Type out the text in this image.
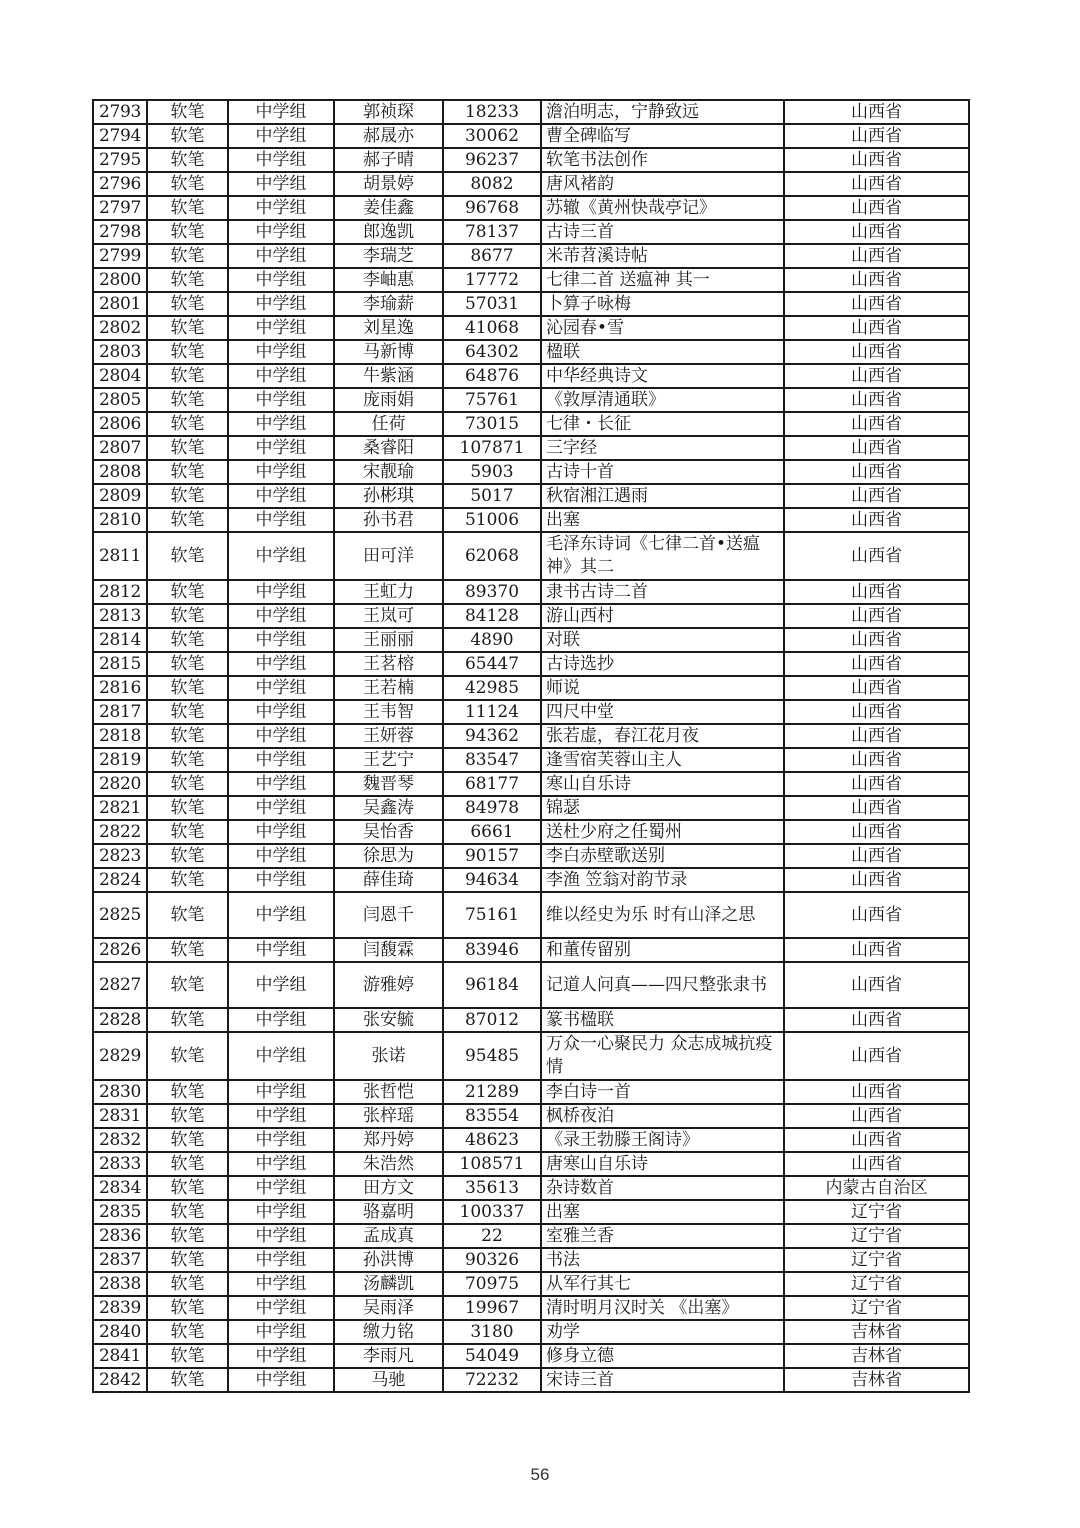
2793	软笔	中学组	郭祯琛	18233	澹泊明志，宁静致远	山西省
2794	软笔	中学组	郝晟亦	30062	曹全碑临写	山西省
2795	软笔	中学组	郝子晴	96237	软笔书法创作	山西省
2796	软笔	中学组	胡景婷	8082	唐风褚韵	山西省
2797	软笔	中学组	姜佳鑫	96768	苏辙《黄州快哉亭记》	山西省
2798	软笔	中学组	郎逸凯	78137	古诗三首	山西省
2799	软笔	中学组	李瑞芝	8677	米芾苕溪诗帖	山西省
2800	软笔	中学组	李岫惠	17772	七律二首 送瘟神 其一	山西省
2801	软笔	中学组	李瑜薪	57031	卜算子咏梅	山西省
2802	软笔	中学组	刘星逸	41068	沁园春•雪	山西省
2803	软笔	中学组	马新博	64302	楹联	山西省
2804	软笔	中学组	牛紫涵	64876	中华经典诗文	山西省
2805	软笔	中学组	庞雨娟	75761	《敦厚清通联》	山西省
2806	软笔	中学组	任荷	73015	七律・长征	山西省
2807	软笔	中学组	桑睿阳	107871	三字经	山西省
2808	软笔	中学组	宋靓瑜	5903	古诗十首	山西省
2809	软笔	中学组	孙彬琪	5017	秋宿湘江遇雨	山西省
2810	软笔	中学组	孙书君	51006	出塞	山西省
2811	软笔	中学组	田可洋	62068	毛泽东诗词《七律二首•送瘟神》其二	山西省
2812	软笔	中学组	王虹力	89370	隶书古诗二首	山西省
2813	软笔	中学组	王岚可	84128	游山西村	山西省
2814	软笔	中学组	王丽丽	4890	对联	山西省
2815	软笔	中学组	王茗榕	65447	古诗选抄	山西省
2816	软笔	中学组	王若楠	42985	师说	山西省
2817	软笔	中学组	王韦智	11124	四尺中堂	山西省
2818	软笔	中学组	王妍蓉	94362	张若虚，春江花月夜	山西省
2819	软笔	中学组	王艺宁	83547	逢雪宿芙蓉山主人	山西省
2820	软笔	中学组	魏晋琴	68177	寒山自乐诗	山西省
2821	软笔	中学组	吴鑫涛	84978	锦瑟	山西省
2822	软笔	中学组	吴怡香	6661	送杜少府之任蜀州	山西省
2823	软笔	中学组	徐思为	90157	李白赤壁歌送别	山西省
2824	软笔	中学组	薛佳琦	94634	李渔 笠翁对韵节录	山西省
2825	软笔	中学组	闫恩千	75161	维以经史为乐 时有山泽之思	山西省
2826	软笔	中学组	闫馥霖	83946	和董传留别	山西省
2827	软笔	中学组	游雅婷	96184	记道人问真——四尺整张隶书	山西省
2828	软笔	中学组	张安毓	87012	篆书楹联	山西省
2829	软笔	中学组	张诺	95485	万众一心聚民力 众志成城抗疫情	山西省
2830	软笔	中学组	张哲恺	21289	李白诗一首	山西省
2831	软笔	中学组	张梓瑶	83554	枫桥夜泊	山西省
2832	软笔	中学组	郑丹婷	48623	《录王勃滕王阁诗》	山西省
2833	软笔	中学组	朱浩然	108571	唐寒山自乐诗	山西省
2834	软笔	中学组	田方文	35613	杂诗数首	内蒙古自治区
2835	软笔	中学组	骆嘉明	100337	出塞	辽宁省
2836	软笔	中学组	孟成真	22	室雅兰香	辽宁省
2837	软笔	中学组	孙洪博	90326	书法	辽宁省
2838	软笔	中学组	汤麟凯	70975	从军行其七	辽宁省
2839	软笔	中学组	吴雨泽	19967	清时明月汉时关 《出塞》	辽宁省
2840	软笔	中学组	缴力铭	3180	劝学	吉林省
2841	软笔	中学组	李雨凡	54049	修身立德	吉林省
2842	软笔	中学组	马驰	72232	宋诗三首	吉林省
56
